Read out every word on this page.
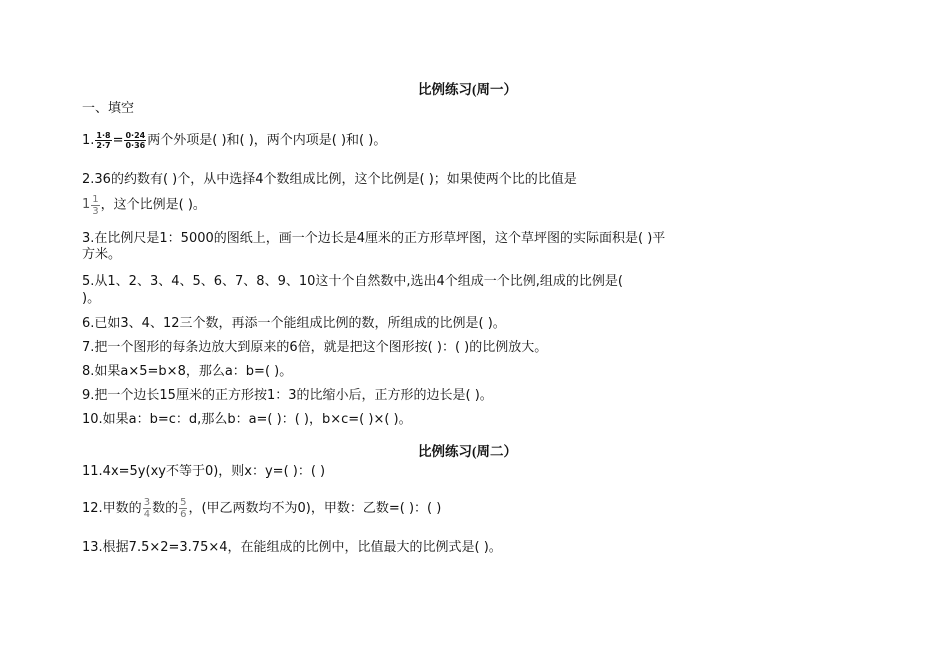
比例练习(周一）
一、填空
1. $\frac{1\cdot 8}{2\cdot 7} = \frac{0\cdot 24}{0\cdot 36}$ 两个外项是( )和( )，两个内项是( )和( )。
2.36的约数有( )个，从中选择4个数组成比例，这个比例是( )；如果使两个比的比值是
$1 \frac{1}{3}$ ，这个比例是( )。
3.在比例尺是1：5000的图纸上，画一个边长是4厘米的正方形草坪图，这个草坪图的实际面积是( )平
方米。
5.从1、2、3、4、5、6、7、8、9、10这十个自然数中,选出4个组成一个比例,组成的比例是(
)。
6.已如3、4、12三个数，再添一个能组成比例的数，所组成的比例是( )。
7.把一个图形的每条边放大到原来的6倍，就是把这个图形按( )：( )的比例放大。
8.如果a×5=b×8，那么a：b=( )。
9.把一个边长15厘米的正方形按1：3的比缩小后，正方形的边长是( )。
10.如果a：b=c：d,那么b：a=( )：( )，b×c=( )×( )。
比例练习(周二）
11.4x=5y(xy不等于0)，则x：y=( )：( )
12.甲数的 $\frac{3}{4}$ 数的 $\frac{5}{6}$ ，(甲乙两数均不为0)，甲数：乙数=( )：( )
13.根据7.5×2=3.75×4，在能组成的比例中，比值最大的比例式是( )。
